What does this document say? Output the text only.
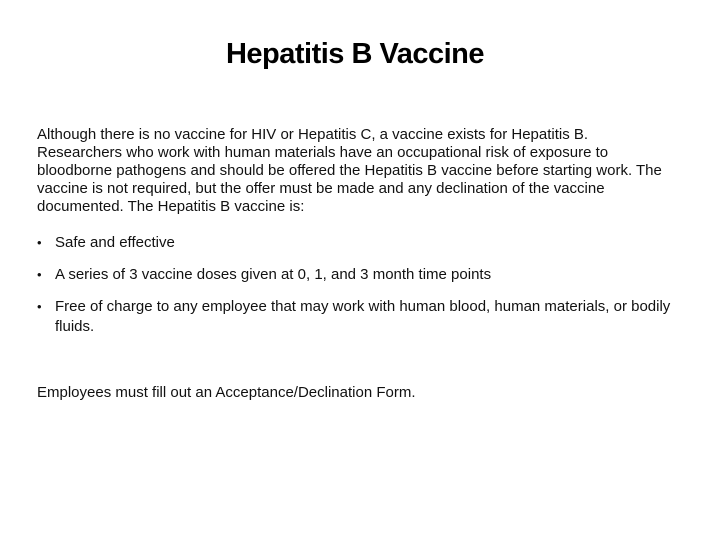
Hepatitis B Vaccine

Although there is no vaccine for HIV or Hepatitis C, a vaccine exists for Hepatitis B. Researchers who work with human materials have an occupational risk of exposure to bloodborne pathogens and should be offered the Hepatitis B vaccine before starting work. The vaccine is not required, but the offer must be made and any declination of the vaccine documented. The Hepatitis B vaccine is:

• Safe and effective
• A series of 3 vaccine doses given at 0, 1, and 3 month time points
• Free of charge to any employee that may work with human blood, human materials, or bodily fluids.

Employees must fill out an Acceptance/Declination Form.
